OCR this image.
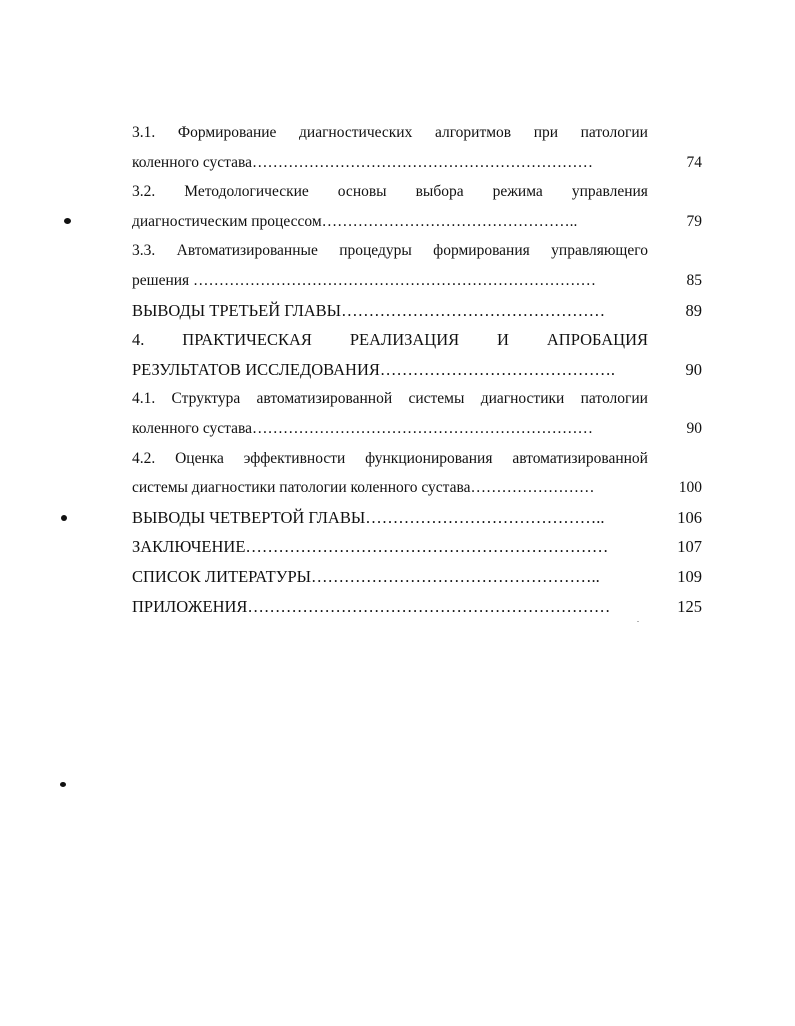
3.1. Формирование диагностических алгоритмов при патологии
коленного сустава…………………………………………………………	74
3.2. Методологические основы выбора режима управления
диагностическим процессом…………………………………………..	79
3.3. Автоматизированные процедуры формирования управляющего
решения ……………………………………………………………………	85
ВЫВОДЫ ТРЕТЬЕЙ ГЛАВЫ…………………………………………	89
4. ПРАКТИЧЕСКАЯ РЕАЛИЗАЦИЯ И АПРОБАЦИЯ
РЕЗУЛЬТАТОВ ИССЛЕДОВАНИЯ…………………………………….	90
4.1. Структура автоматизированной системы диагностики патологии
коленного сустава…………………………………………………………	90
4.2. Оценка эффективности функционирования автоматизированной
системы диагностики патологии коленного сустава……………………	100
ВЫВОДЫ ЧЕТВЕРТОЙ ГЛАВЫ……………………………………..	106
ЗАКЛЮЧЕНИЕ…………………………………………………………	107
СПИСОК ЛИТЕРАТУРЫ……………………………………………..	109
ПРИЛОЖЕНИЯ…………………………………………………………	125
